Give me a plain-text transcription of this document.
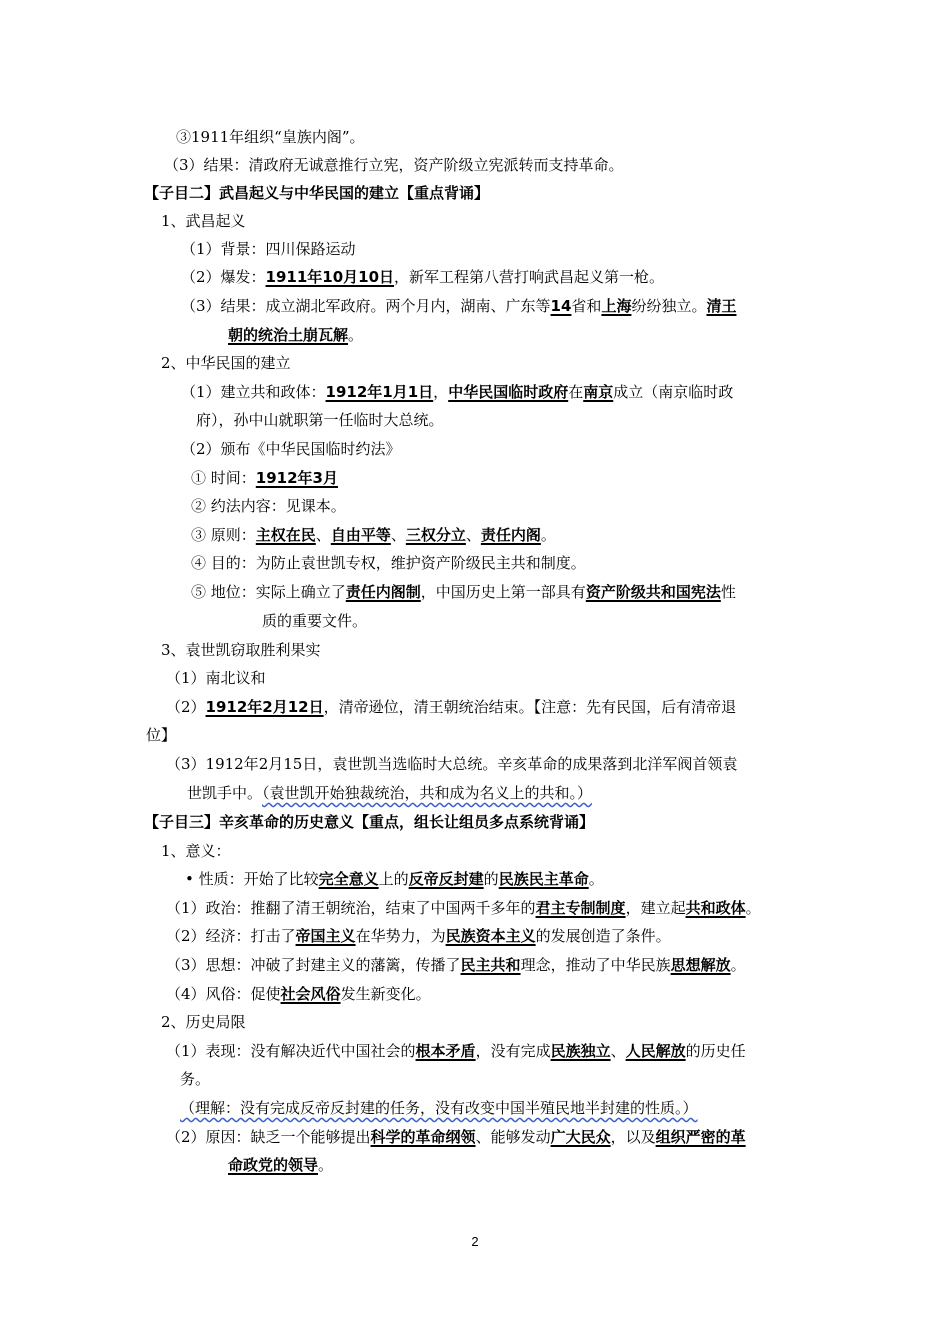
③1911年组织“皇族内阁”。
（3）结果：清政府无诚意推行立宪，资产阶级立宪派转而支持革命。
【子目二】武昌起义与中华民国的建立【重点背诵】
1、武昌起义
（1）背景：四川保路运动
（2）爆发：1911年10月10日，新军工程第八营打响武昌起义第一枪。
（3）结果：成立湖北军政府。两个月内，湖南、广东等14省和上海纷纷独立。清王
朝的统治土崩瓦解。
2、中华民国的建立
（1）建立共和政体：1912年1月1日，中华民国临时政府在南京成立（南京临时政
府），孙中山就职第一任临时大总统。
（2）颁布《中华民国临时约法》
① 时间：1912年3月
② 约法内容：见课本。
③ 原则：主权在民、自由平等、三权分立、责任内阁。
④ 目的：为防止袁世凯专权，维护资产阶级民主共和制度。
⑤ 地位：实际上确立了责任内阁制，中国历史上第一部具有资产阶级共和国宪法性
质的重要文件。
3、袁世凯窃取胜利果实
（1）南北议和
（2）1912年2月12日，清帝逊位，清王朝统治结束。【注意：先有民国，后有清帝退
位】
（3）1912年2月15日，袁世凯当选临时大总统。辛亥革命的成果落到北洋军阀首领袁
世凯手中。（袁世凯开始独裁统治，共和成为名义上的共和。）
【子目三】辛亥革命的历史意义【重点，组长让组员多点系统背诵】
1、意义：
• 性质：开始了比较完全意义上的反帝反封建的民族民主革命。
（1）政治：推翻了清王朝统治，结束了中国两千多年的君主专制制度，建立起共和政体。
（2）经济：打击了帝国主义在华势力，为民族资本主义的发展创造了条件。
（3）思想：冲破了封建主义的藩篱，传播了民主共和理念，推动了中华民族思想解放。
（4）风俗：促使社会风俗发生新变化。
2、历史局限
（1）表现：没有解决近代中国社会的根本矛盾，没有完成民族独立、人民解放的历史任
务。
（理解：没有完成反帝反封建的任务，没有改变中国半殖民地半封建的性质。）
（2）原因：缺乏一个能够提出科学的革命纲领、能够发动广大民众，以及组织严密的革
命政党的领导。
2
